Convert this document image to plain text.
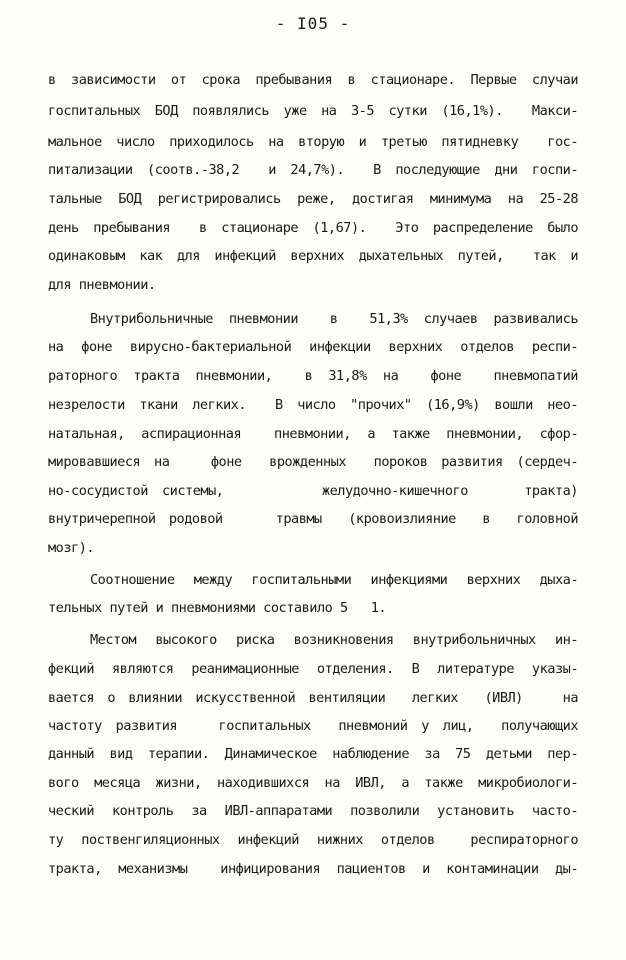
- I05 -
в зависимости от срока пребывания в стационаре. Первые случаи
госпитальных БОД появлялись уже на 3-5 сутки (16,1%).  Макси-
мальное число приходилось на вторую и третью пятидневку  гос-
питализации (соотв.-38,2  и 24,7%).  В последующие дни госпи-
тальные БОД регистрировались реже, достигая минимума на 25-28
день пребывания  в стационаре (1,67).  Это распределение было
одинаковым как для инфекций верхних дыхательных путей,  так и
для пневмонии.
Внутрибольничные пневмонии  в  51,3% случаев развивались
на фоне вирусно-бактериальной инфекции верхних отделов респи-
раторного тракта пневмонии,  в 31,8% на  фоне  пневмопатий
незрелости ткани легких.  В число "прочих" (16,9%) вошли нео-
натальная, аспирационная  пневмонии, а также пневмонии, сфор-
мировавшиеся на   фоне  врожденных  пороков развития (сердеч-
но-сосудистой системы,       желудочно-кишечного    тракта)
внутричерепной родовой    травмы  (кровоизлияние  в  головной
мозг).
Соотношение между госпитальными инфекциями верхних дыха-
тельных путей и пневмониями составило 5   1.
Местом высокого риска возникновения внутрибольничных ин-
фекций являются реанимационные отделения. В литературе указы-
вается о влиянии искусственной вентиляции  легких  (ИВЛ)   на
частоту развития   госпитальных  пневмоний у лиц,  получающих
данный вид терапии. Динамическое наблюдение за 75 детьми пер-
вого месяца жизни, находившихся на ИВЛ, а также микробиологи-
ческий контроль за ИВЛ-аппаратами позволили установить часто-
ту поственгиляционных инфекций нижних отделов  респираторного
тракта, механизмы  инфицирования пациентов и контаминации ды-
